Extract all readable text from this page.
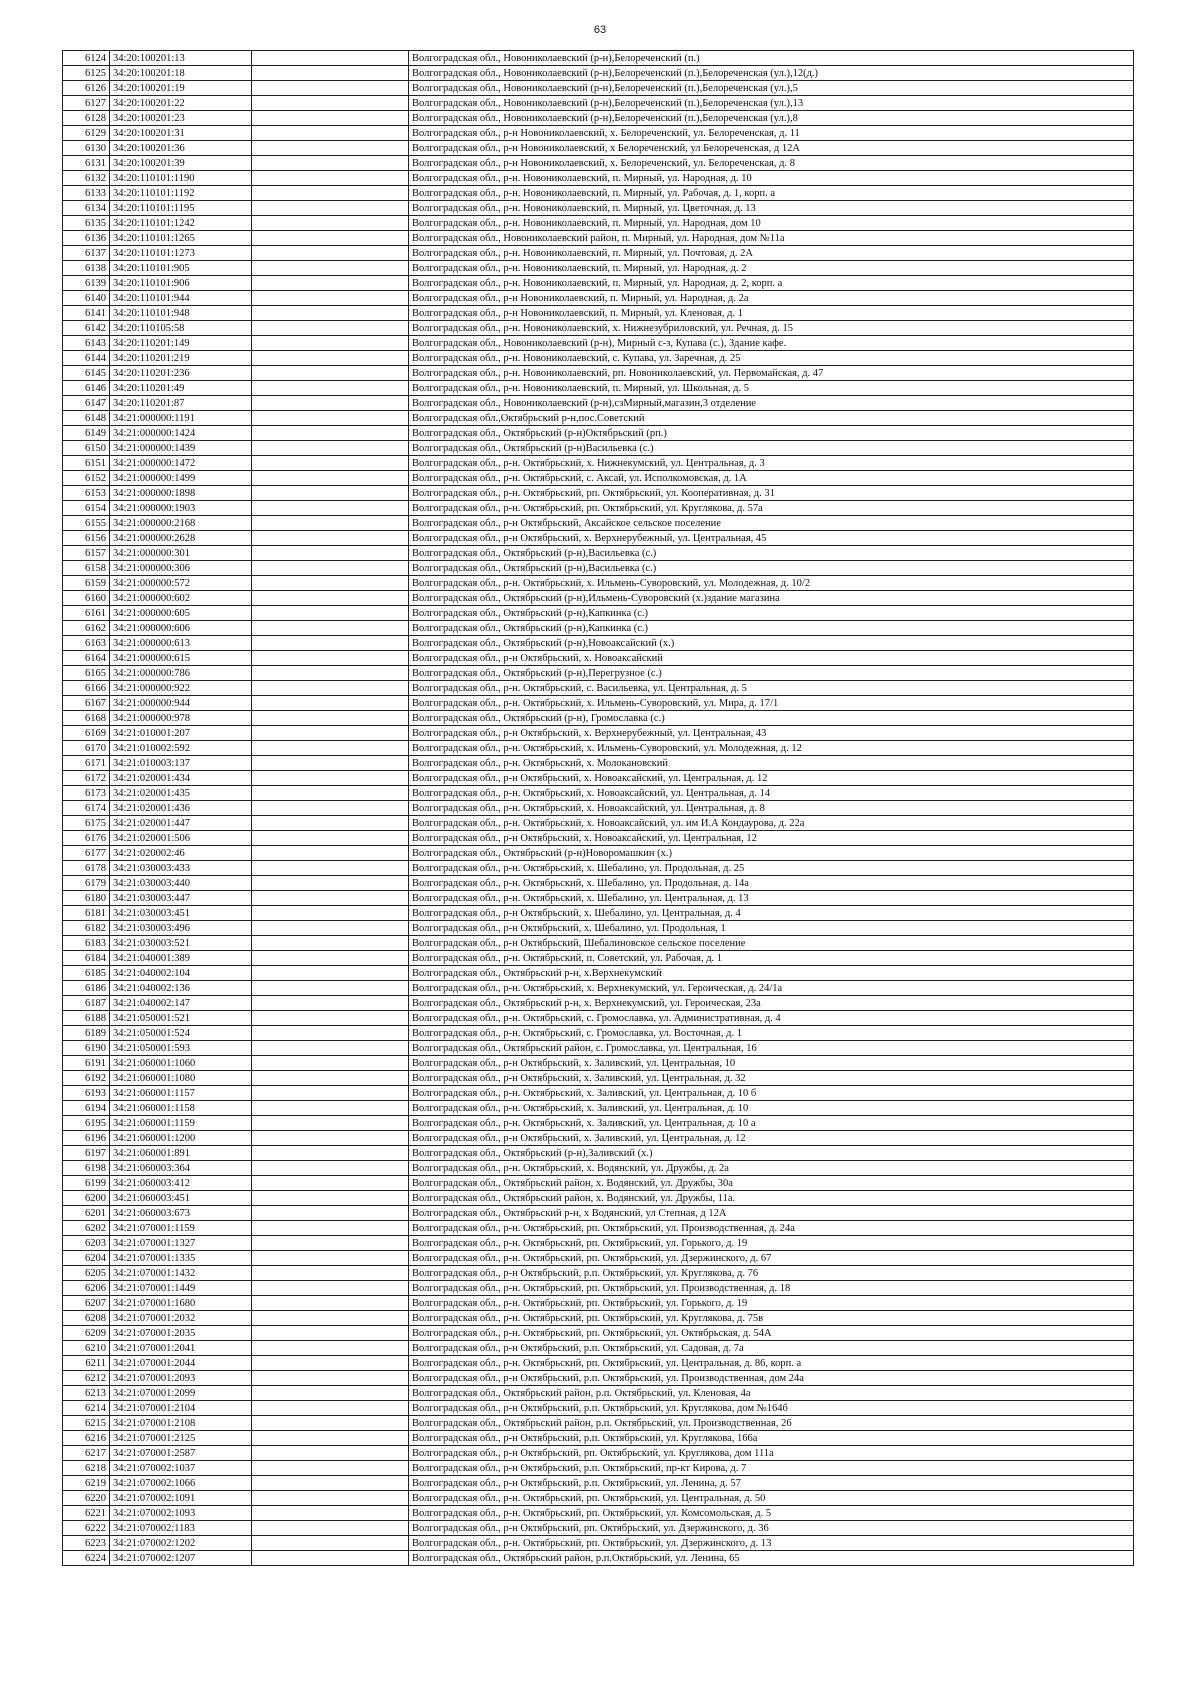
63
6124	34:20:100201:13		Волгоградская обл., Новониколаевский (р-н),Белореченский (п.)
6125	34:20:100201:18		Волгоградская обл., Новониколаевский (р-н),Белореченский (п.),Белореченская (ул.),12(д.)
6126	34:20:100201:19		Волгоградская обл., Новониколаевский (р-н),Белореченский (п.),Белореченская (ул.),5
6127	34:20:100201:22		Волгоградская обл., Новониколаевский (р-н),Белореченский (п.),Белореченская (ул.),13
6128	34:20:100201:23		Волгоградская обл., Новониколаевский (р-н),Белореченский (п.),Белореченская (ул.),8
6129	34:20:100201:31		Волгоградская обл., р-н Новониколаевский, х. Белореченский, ул. Белореченская, д. 11
6130	34:20:100201:36		Волгоградская обл., р-н Новониколаевский, х Белореченский, ул Белореченская, д 12А
6131	34:20:100201:39		Волгоградская обл., р-н Новониколаевский, х. Белореченский, ул. Белореченская, д. 8
6132	34:20:110101:1190		Волгоградская обл., р-н. Новониколаевский, п. Мирный, ул. Народная, д. 10
6133	34:20:110101:1192		Волгоградская обл., р-н. Новониколаевский, п. Мирный, ул. Рабочая, д. 1, корп. а
6134	34:20:110101:1195		Волгоградская обл., р-н. Новониколаевский, п. Мирный, ул. Цветочная, д. 13
6135	34:20:110101:1242		Волгоградская обл., р-н. Новониколаевский, п. Мирный, ул. Народная, дом 10
6136	34:20:110101:1265		Волгоградская обл., Новониколаевский район, п. Мирный, ул. Народная, дом №11а
6137	34:20:110101:1273		Волгоградская обл., р-н. Новониколаевский, п. Мирный, ул. Почтовая, д. 2А
6138	34:20:110101:905		Волгоградская обл., р-н. Новониколаевский, п. Мирный, ул. Народная, д. 2
6139	34:20:110101:906		Волгоградская обл., р-н. Новониколаевский, п. Мирный, ул. Народная, д. 2, корп. а
6140	34:20:110101:944		Волгоградская обл., р-н Новониколаевский, п. Мирный, ул. Народная, д. 2а
6141	34:20:110101:948		Волгоградская обл., р-н Новониколаевский, п. Мирный, ул. Кленовая, д. 1
6142	34:20:110105:58		Волгоградская обл., р-н. Новониколаевский, х. Нижнезубриловский, ул. Речная, д. 15
6143	34:20:110201:149		Волгоградская обл., Новониколаевский (р-н), Мирный с-з, Купава (с.), Здание кафе.
6144	34:20:110201:219		Волгоградская обл., р-н. Новониколаевский, с. Купава, ул. Заречная, д. 25
6145	34:20:110201:236		Волгоградская обл., р-н. Новониколаевский, рп. Новониколаевский, ул. Первомайская, д. 47
6146	34:20:110201:49		Волгоградская обл., р-н. Новониколаевский, п. Мирный, ул. Школьная, д. 5
6147	34:20:110201:87		Волгоградская обл., Новониколаевский (р-н),сзМирный,магазин,3 отделение
6148	34:21:000000:1191		Волгоградская обл.,Октябрьский р-н,пос.Советский
6149	34:21:000000:1424		Волгоградская обл., Октябрьский (р-н)Октябрьский (рп.)
6150	34:21:000000:1439		Волгоградская обл., Октябрьский (р-н)Васильевка (с.)
6151	34:21:000000:1472		Волгоградская обл., р-н. Октябрьский, х. Нижнекумский, ул. Центральная, д. 3
6152	34:21:000000:1499		Волгоградская обл., р-н. Октябрьский, с. Аксай, ул. Исполкомовская, д. 1А
6153	34:21:000000:1898		Волгоградская обл., р-н. Октябрьский, рп. Октябрьский, ул. Кооперативная, д. 31
6154	34:21:000000:1903		Волгоградская обл., р-н. Октябрьский, рп. Октябрьский, ул. Круглякова, д. 57а
6155	34:21:000000:2168		Волгоградская обл., р-н Октябрьский, Аксайское сельское поселение
6156	34:21:000000:2628		Волгоградская обл., р-н Октябрьский, х. Верхнерубежный, ул. Центральная, 45
6157	34:21:000000:301		Волгоградская обл., Октябрьский (р-н),Васильевка (с.)
6158	34:21:000000:306		Волгоградская обл., Октябрьский (р-н),Васильевка (с.)
6159	34:21:000000:572		Волгоградская обл., р-н. Октябрьский, х. Ильмень-Суворовский, ул. Молодежная, д. 10/2
6160	34:21:000000:602		Волгоградская обл., Октябрьский (р-н),Ильмень-Суворовский (х.)здание магазина
6161	34:21:000000:605		Волгоградская обл., Октябрьский (р-н),Капкинка (с.)
6162	34:21:000000:606		Волгоградская обл., Октябрьский (р-н),Капкинка (с.)
6163	34:21:000000:613		Волгоградская обл., Октябрьский (р-н),Новоаксайский (х.)
6164	34:21:000000:615		Волгоградская обл., р-н Октябрьский, х. Новоаксайский
6165	34:21:000000:786		Волгоградская обл., Октябрьский (р-н),Перегрузное (с.)
6166	34:21:000000:922		Волгоградская обл., р-н. Октябрьский, с. Васильевка, ул. Центральная, д. 5
6167	34:21:000000:944		Волгоградская обл., р-н. Октябрьский, х. Ильмень-Суворовский, ул. Мира, д. 17/1
6168	34:21:000000:978		Волгоградская обл., Октябрьский (р-н), Громославка (с.)
6169	34:21:010001:207		Волгоградская обл., р-н Октябрьский, х. Верхнерубежный, ул. Центральная, 43
6170	34:21:010002:592		Волгоградская обл., р-н. Октябрьский, х. Ильмень-Суворовский, ул. Молодежная, д. 12
6171	34:21:010003:137		Волгоградская обл., р-н. Октябрьский, х. Молокановский
6172	34:21:020001:434		Волгоградская обл., р-н Октябрьский, х. Новоаксайский, ул. Центральная, д. 12
6173	34:21:020001:435		Волгоградская обл., р-н. Октябрьский, х. Новоаксайский, ул. Центральная, д. 14
6174	34:21:020001:436		Волгоградская обл., р-н. Октябрьский, х. Новоаксайский, ул. Центральная, д. 8
6175	34:21:020001:447		Волгоградская обл., р-н. Октябрьский, х. Новоаксайский, ул. им И.А Кондаурова, д. 22а
6176	34:21:020001:506		Волгоградская обл., р-н Октябрьский, х. Новоаксайский, ул. Центральная, 12
6177	34:21:020002:46		Волгоградская обл., Октябрьский (р-н)Новоромашкин (х.)
6178	34:21:030003:433		Волгоградская обл., р-н. Октябрьский, х. Шебалино, ул. Продольная, д. 25
6179	34:21:030003:440		Волгоградская обл., р-н. Октябрьский, х. Шебалино, ул. Продольная, д. 14а
6180	34:21:030003:447		Волгоградская обл., р-н. Октябрьский, х. Шебалино, ул. Центральная, д. 13
6181	34:21:030003:451		Волгоградская обл., р-н Октябрьский, х. Шебалино, ул. Центральная, д. 4
6182	34:21:030003:496		Волгоградская обл., р-н Октябрьский, х. Шебалино, ул. Продольная, 1
6183	34:21:030003:521		Волгоградская обл., р-н Октябрьский, Шебалиновское сельское поселение
6184	34:21:040001:389		Волгоградская обл., р-н. Октябрьский, п. Советский, ул. Рабочая, д. 1
6185	34:21:040002:104		Волгоградская обл., Октябрьский р-н, х.Верхнекумский
6186	34:21:040002:136		Волгоградская обл., р-н. Октябрьский, х. Верхнекумский, ул. Героическая, д. 24/1а
6187	34:21:040002:147		Волгоградская обл., Октябрьский р-н, х. Верхнекумский, ул. Героическая, 23а
6188	34:21:050001:521		Волгоградская обл., р-н. Октябрьский, с. Громославка, ул. Административная, д. 4
6189	34:21:050001:524		Волгоградская обл., р-н. Октябрьский, с. Громославка, ул. Восточная, д. 1
6190	34:21:050001:593		Волгоградская обл., Октябрьский район, с. Громославка, ул. Центральная, 16
6191	34:21:060001:1060		Волгоградская обл., р-н Октябрьский, х. Заливский, ул. Центральная, 10
6192	34:21:060001:1080		Волгоградская обл., р-н Октябрьский, х. Заливский, ул. Центральная, д. 32
6193	34:21:060001:1157		Волгоградская обл., р-н. Октябрьский, х. Заливский, ул. Центральная, д. 10 б
6194	34:21:060001:1158		Волгоградская обл., р-н. Октябрьский, х. Заливский, ул. Центральная, д. 10
6195	34:21:060001:1159		Волгоградская обл., р-н. Октябрьский, х. Заливский, ул. Центральная, д. 10 а
6196	34:21:060001:1200		Волгоградская обл., р-н Октябрьский, х. Заливский, ул. Центральная, д. 12
6197	34:21:060001:891		Волгоградская обл., Октябрьский (р-н),Заливский (х.)
6198	34:21:060003:364		Волгоградская обл., р-н. Октябрьский, х. Водянский, ул. Дружбы, д. 2а
6199	34:21:060003:412		Волгоградская обл., Октябрьский район, х. Водянский, ул. Дружбы, 30а
6200	34:21:060003:451		Волгоградская обл., Октябрьский район, х. Водянский, ул. Дружбы, 11а.
6201	34:21:060003:673		Волгоградская обл., Октябрьский р-н, х Водянский, ул Степная, д 12А
6202	34:21:070001:1159		Волгоградская обл., р-н. Октябрьский, рп. Октябрьский, ул. Производственная, д. 24а
6203	34:21:070001:1327		Волгоградская обл., р-н. Октябрьский, рп. Октябрьский, ул. Горького, д. 19
6204	34:21:070001:1335		Волгоградская обл., р-н. Октябрьский, рп. Октябрьский, ул. Дзержинского, д. 67
6205	34:21:070001:1432		Волгоградская обл., р-н Октябрьский, р.п. Октябрьский, ул. Круглякова, д. 76
6206	34:21:070001:1449		Волгоградская обл., р-н. Октябрьский, рп. Октябрьский, ул. Производственная, д. 18
6207	34:21:070001:1680		Волгоградская обл., р-н. Октябрьский, рп. Октябрьский, ул. Горького, д. 19
6208	34:21:070001:2032		Волгоградская обл., р-н. Октябрьский, рп. Октябрьский, ул. Круглякова, д. 75в
6209	34:21:070001:2035		Волгоградская обл., р-н. Октябрьский, рп. Октябрьский, ул. Октябрьская, д. 54А
6210	34:21:070001:2041		Волгоградская обл., р-н Октябрьский, р.п. Октябрьский, ул. Садовая, д. 7а
6211	34:21:070001:2044		Волгоградская обл., р-н. Октябрьский, рп. Октябрьский, ул. Центральная, д. 86, корп. а
6212	34:21:070001:2093		Волгоградская обл., р-н Октябрьский, р.п. Октябрьский, ул. Производственная, дом 24а
6213	34:21:070001:2099		Волгоградская обл., Октябрьский район, р.п. Октябрьский, ул. Кленовая, 4а
6214	34:21:070001:2104		Волгоградская обл., р-н Октябрьский, р.п. Октябрьский, ул. Круглякова, дом №164б
6215	34:21:070001:2108		Волгоградская обл., Октябрьский район, р.п. Октябрьский, ул. Производственная, 26
6216	34:21:070001:2125		Волгоградская обл., р-н Октябрьский, р.п. Октябрьский, ул. Круглякова, 166а
6217	34:21:070001:2587		Волгоградская обл., р-н Октябрьский, рп. Октябрьский, ул. Круглякова, дом 111а
6218	34:21:070002:1037		Волгоградская обл., р-н Октябрьский, р.п. Октябрьский, пр-кт Кирова, д. 7
6219	34:21:070002:1066		Волгоградская обл., р-н Октябрьский, р.п. Октябрьский, ул. Ленина, д. 57
6220	34:21:070002:1091		Волгоградская обл., р-н. Октябрьский, рп. Октябрьский, ул. Центральная, д. 50
6221	34:21:070002:1093		Волгоградская обл., р-н. Октябрьский, рп. Октябрьский, ул. Комсомольская, д. 5
6222	34:21:070002:1183		Волгоградская обл., р-н Октябрьский, рп. Октябрьский, ул. Дзержинского, д. 36
6223	34:21:070002:1202		Волгоградская обл., р-н. Октябрьский, рп. Октябрьский, ул. Дзержинского, д. 13
6224	34:21:070002:1207		Волгоградская обл., Октябрьский район, р.п.Октябрьский, ул. Ленина, 65
